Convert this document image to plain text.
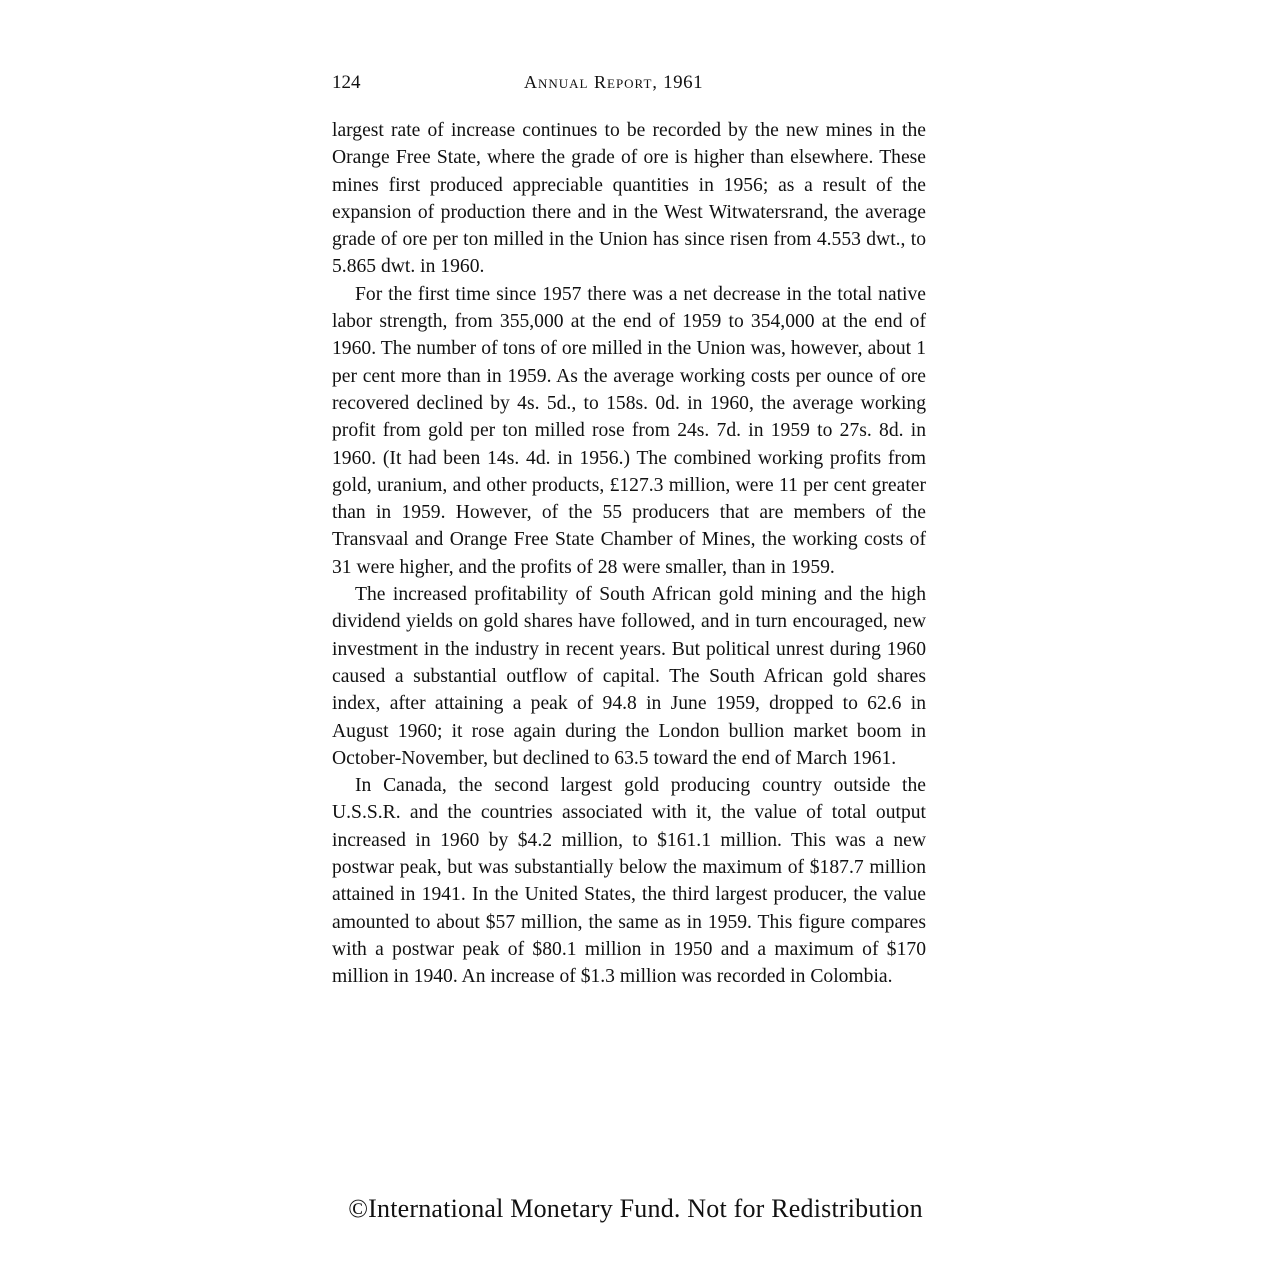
124	Annual Report, 1961

largest rate of increase continues to be recorded by the new mines in the Orange Free State, where the grade of ore is higher than elsewhere. These mines first produced appreciable quantities in 1956; as a result of the expansion of production there and in the West Witwatersrand, the average grade of ore per ton milled in the Union has since risen from 4.553 dwt., to 5.865 dwt. in 1960.

For the first time since 1957 there was a net decrease in the total native labor strength, from 355,000 at the end of 1959 to 354,000 at the end of 1960. The number of tons of ore milled in the Union was, however, about 1 per cent more than in 1959. As the average working costs per ounce of ore recovered declined by 4s. 5d., to 158s. 0d. in 1960, the average working profit from gold per ton milled rose from 24s. 7d. in 1959 to 27s. 8d. in 1960. (It had been 14s. 4d. in 1956.) The combined working profits from gold, uranium, and other products, £127.3 million, were 11 per cent greater than in 1959. However, of the 55 producers that are members of the Transvaal and Orange Free State Chamber of Mines, the working costs of 31 were higher, and the profits of 28 were smaller, than in 1959.

The increased profitability of South African gold mining and the high dividend yields on gold shares have followed, and in turn encouraged, new investment in the industry in recent years. But political unrest during 1960 caused a substantial outflow of capital. The South African gold shares index, after attaining a peak of 94.8 in June 1959, dropped to 62.6 in August 1960; it rose again during the London bullion market boom in October-November, but declined to 63.5 toward the end of March 1961.

In Canada, the second largest gold producing country outside the U.S.S.R. and the countries associated with it, the value of total output increased in 1960 by $4.2 million, to $161.1 million. This was a new postwar peak, but was substantially below the maximum of $187.7 million attained in 1941. In the United States, the third largest producer, the value amounted to about $57 million, the same as in 1959. This figure compares with a postwar peak of $80.1 million in 1950 and a maximum of $170 million in 1940. An increase of $1.3 million was recorded in Colombia.

©International Monetary Fund. Not for Redistribution
